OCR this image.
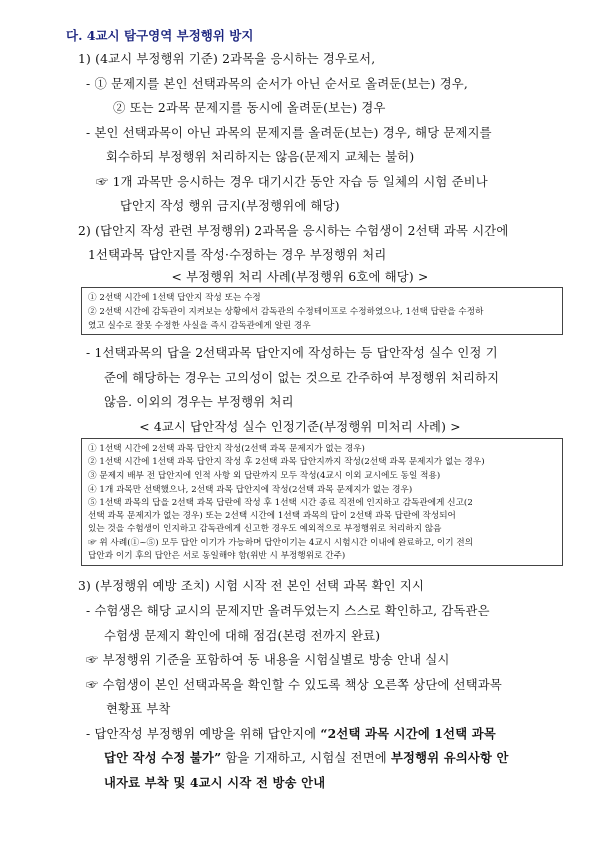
다. 4교시 탐구영역 부정행위 방지
1) (4교시 부정행위 기준) 2과목을 응시하는 경우로서,
- ① 문제지를 본인 선택과목의 순서가 아닌 순서로 올려둔(보는) 경우,
② 또는 2과목 문제지를 동시에 올려둔(보는) 경우
- 본인 선택과목이 아닌 과목의 문제지를 올려둔(보는) 경우, 해당 문제지를
회수하되 부정행위 처리하지는 않음(문제지 교체는 불허)
☞ 1개 과목만 응시하는 경우 대기시간 동안 자습 등 일체의 시험 준비나
답안지 작성 행위 금지(부정행위에 해당)
2) (답안지 작성 관련 부정행위) 2과목을 응시하는 수험생이 2선택 과목 시간에
1선택과목 답안지를 작성·수정하는 경우 부정행위 처리
< 부정행위 처리 사례(부정행위 6호에 해당) >
① 2선택 시간에 1선택 답안지 작성 또는 수정
② 2선택 시간에 감독관이 지켜보는 상황에서 감독관의 수정테이프로 수정하였으나, 1선택 답란을 수정하
였고 실수로 잘못 수정한 사실을 즉시 감독관에게 알린 경우
- 1선택과목의 답을 2선택과목 답안지에 작성하는 등 답안작성 실수 인정 기
준에 해당하는 경우는 고의성이 없는 것으로 간주하여 부정행위 처리하지
않음. 이외의 경우는 부정행위 처리
< 4교시 답안작성 실수 인정기준(부정행위 미처리 사례) >
① 1선택 시간에 2선택 과목 답안지 작성(2선택 과목 문제지가 없는 경우)
② 1선택 시간에 1선택 과목 답안지 작성 후 2선택 과목 답안지까지 작성(2선택 과목 문제지가 없는 경우)
③ 문제지 배부 전 답안지에 인적 사항 외 답란까지 모두 작성(4교시 이외 교시에도 동일 적용)
④ 1개 과목만 선택했으나, 2선택 과목 답안지에 작성(2선택 과목 문제지가 없는 경우)
⑤ 1선택 과목의 답을 2선택 과목 답란에 작성 후 1선택 시간 종료 직전에 인지하고 감독관에게 신고(2
선택 과목 문제지가 없는 경우) 또는 2선택 시간에 1선택 과목의 답이 2선택 과목 답란에 작성되어
있는 것을 수험생이 인지하고 감독관에게 신고한 경우도 예외적으로 부정행위로 처리하지 않음
☞ 위 사례(①~⑤) 모두 답안 이기가 가능하며 답안이기는 4교시 시험시간 이내에 완료하고, 이기 전의
답안과 이기 후의 답안은 서로 동일해야 함(위반 시 부정행위로 간주)
3) (부정행위 예방 조치) 시험 시작 전 본인 선택 과목 확인 지시
- 수험생은 해당 교시의 문제지만 올려두었는지 스스로 확인하고, 감독관은
수험생 문제지 확인에 대해 점검(본령 전까지 완료)
☞ 부정행위 기준을 포함하여 동 내용을 시험실별로 방송 안내 실시
☞ 수험생이 본인 선택과목을 확인할 수 있도록 책상 오른쪽 상단에 선택과목
현황표 부착
- 답안작성 부정행위 예방을 위해 답안지에 “2선택 과목 시간에 1선택 과목
답안 작성 수정 불가” 함을 기재하고, 시험실 전면에 부정행위 유의사항 안
내자료 부착 및 4교시 시작 전 방송 안내
